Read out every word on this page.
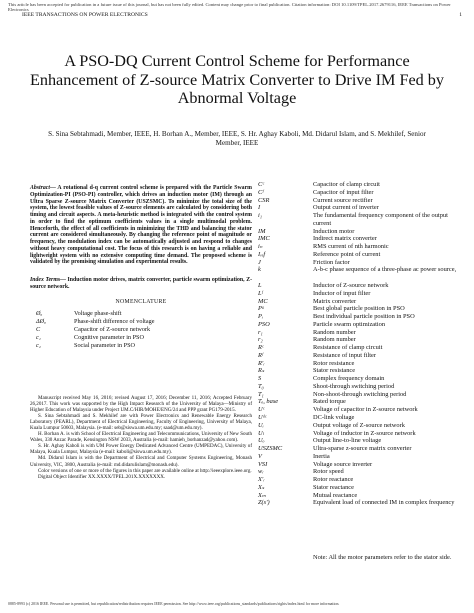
This article has been accepted for publication in a future issue of this journal, but has not been fully edited. Content may change prior to final publication. Citation information: DOI 10.1109/TPEL.2017.2679116, IEEE Transactions on Power Electronics
IEEE TRANSACTIONS ON POWER ELECTRONICS	1
A PSO-DQ Current Control Scheme for Performance Enhancement of Z-source Matrix Converter to Drive IM Fed by Abnormal Voltage
S. Sina Sebtahmadi, Member, IEEE, H. Borhan A., Member, IEEE, S. Hr. Aghay Kaboli, Md. Didarul Islam, and S. Mekhilef, Senior Member, IEEE
Abstract— A rotational d-q current control scheme is prepared with the Particle Swarm Optimization-PI (PSO-PI) controller, which drives an induction motor (IM) through an Ultra Sparse Z-source Matrix Converter (USZSMC). To minimize the total size of the system, the lowest feasible values of Z-source elements are calculated by considering both timing and circuit aspects. A meta-heuristic method is integrated with the control system in order to find the optimum coefficients values in a single multimodal problem. Henceforth, the effect of all coefficients in minimizing the THD and balancing the stator current are considered simultaneously. By changing the reference point of magnitude or frequency, the modulation index can be automatically adjusted and respond to changes without heavy computational cost. The focus of this research is on having a reliable and lightweight system with no extensive computing time demand. The proposed scheme is validated by the promising simulation and experimental results.
Index Terms— Induction motor drives, matrix converter, particle swarm optimization, Z-source network.
NOMENCLATURE
Øₐ	Voltage phase-shift
ΔØₐ	Phase-shift difference of voltage
C	Capacitor of Z-source network
c₁	Cognitive parameter in PSO
c₂	Social parameter in PSO

Manuscript received May 16, 2016; revised August 17, 2016; December 11, 2016; Accepted February 26,2017. This work was supported by the High Impact Research of the University of Malaya—Ministry of Higher Education of Malaysia under Project UM.C/HIR/MOHE/ENG/24 and PPP grant PG179-2015.

S. Sina Sebtahmadi and S. Mekhilef are with Power Electronics and Renewable Energy Research Laboratory (PEARL), Department of Electrical Engineering, Faculty of Engineering, University of Malaya, Kuala Lumpur 50603, Malaysia. (e-mail: seb@siswa.um.edu.my; saad@um.edu.my).

H. Borhan A. is with School of Electrical Engineering and Telecommunications, University of New South Wales, 330 Anzac Parade, Kensington NSW 2033, Australia (e-mail: hamieh_borhanzad@yahoo.com).

S. Hr. Aghay Kaboli is with UM Power Energy Dedicated Advanced Centre (UMPEDAC), University of Malaya, Kuala Lumpur, Malaysia (e-mail: kaboli@siswa.um.edu.my).

Md. Didarul Islam is with the Department of Electrical and Computer Systems Engineering, Monash University, VIC, 3800, Australia (e-mail: md.didarulislam@monash.edu).

Color versions of one or more of the figures in this paper are available online at http://ieeexplore.ieee.org.

Digital Object Identifier XX.XXXX/TPEL.201X.XXXXXXX.

Cᶜ	Capacitor of clamp circuit
Cᶠ	Capacitor of input filter
CSR	Current source rectifier
I	Output current of inverter
i₁	The fundamental frequency component of the output current
IM	Induction motor
IMC	Indirect matrix converter
iₙ	RMS current of nth harmonic
Iᵣₑf	Reference point of current
J	Friction factor
k	A-b-c phase sequence of a three-phase ac power source,
L	Inductor of Z-source network
Lᶠ	Inductor of input filter
MC	Matrix converter
Pᵍ	Best global particle position in PSO
Pᵢ	Best individual particle position in PSO
PSO	Particle swarm optimization
r₁	Random number
r₂	Random number
Rᶜ	Resistance of clamp circuit
Rᶠ	Resistance of input filter
R'ᵣ	Rotor resistance
Rₛ	Stator resistance
S	Complex frequency domain
T₀	Shoot-through switching period
T₁	Non-shoot-through switching period
Tₑ, base	Rated torque
Uᶜ	Voltage of capacitor in Z-source network
Uᵈᶜ	DC-link voltage
Uᵢ	Output voltage of Z-source network
Uₗ	Voltage of inductor in Z-source network
Uₒ	Output line-to-line voltage
USZSMC	Ultra-sparse z-source matrix converter
V	Inertia
VSI	Voltage source inverter
wᵣ	Rotor speed
X'ᵣ	Rotor reactance
Xₛ	Stator reactance
Xₘ	Mutual reactance
Z(s')	Equivalent load of connected IM in complex frequency
Note: All the motor parameters refer to the stator side.
0885-8993 (c) 2016 IEEE. Personal use is permitted, but republication/redistribution requires IEEE permission. See http://www.ieee.org/publications_standards/publications/rights/index.html for more information.
